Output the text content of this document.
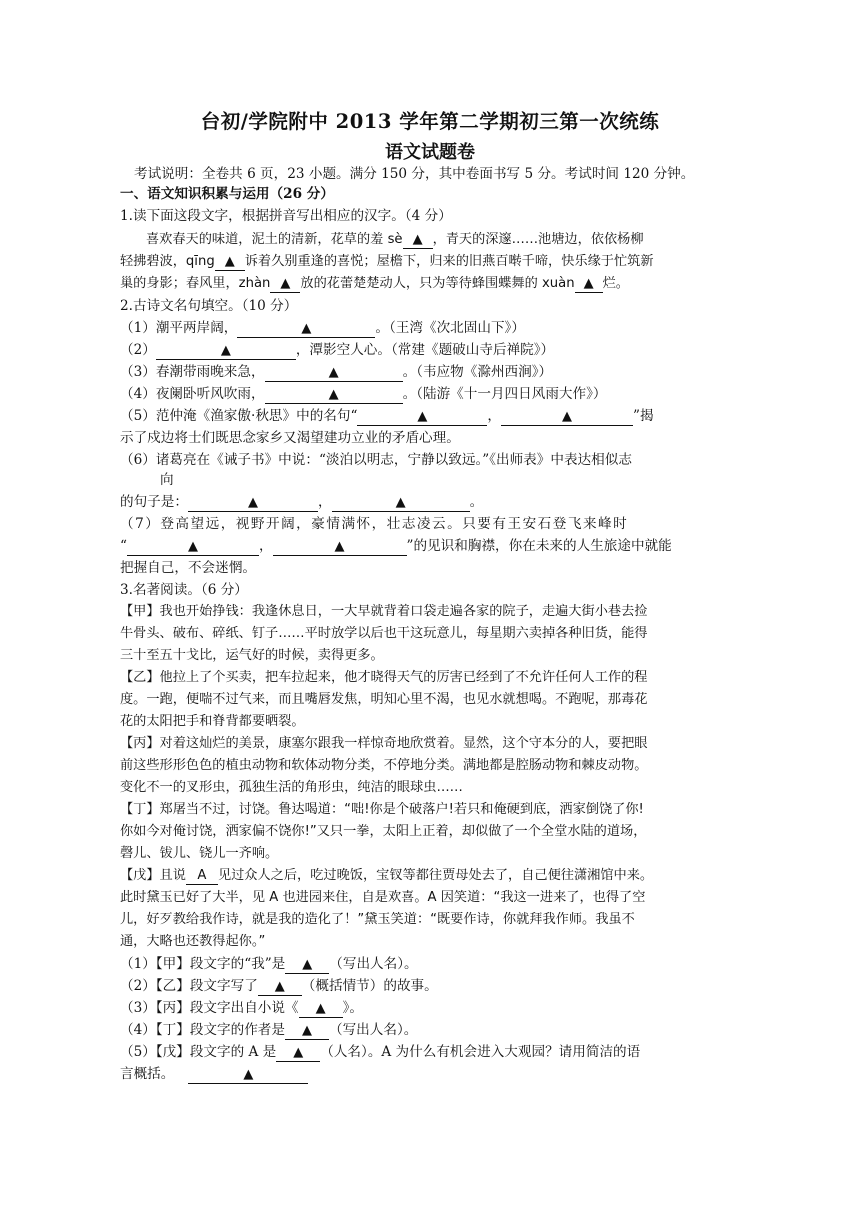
台初/学院附中 2013 学年第二学期初三第一次统练
语文试题卷
考试说明：全卷共 6 页，23 小题。满分 150 分，其中卷面书写 5 分。考试时间 120 分钟。
一、语文知识积累与运用（26 分）
1.读下面这段文字，根据拼音写出相应的汉字。（4 分）
喜欢春天的味道，泥土的清新，花草的羞 sè ▲ ，青天的深邃……池塘边，依依杨柳
轻拂碧波，qīng ▲ 诉着久别重逢的喜悦；屋檐下，归来的旧燕百啭千啼，快乐缘于忙筑新
巢的身影；春风里，zhàn ▲ 放的花蕾楚楚动人，只为等待蜂围蝶舞的 xuàn ▲ 烂。
2.古诗文名句填空。（10 分）
（1）潮平两岸阔，	▲	。（王湾《次北固山下》）
（2）	▲	，潭影空人心。（常建《题破山寺后禅院》）
（3）春潮带雨晚来急，	▲	。（韦应物《滁州西涧》）
（4）夜阑卧听风吹雨，	▲	。（陆游《十一月四日风雨大作》）
（5）范仲淹《渔家傲·秋思》中的名句“	▲	，	▲	”揭
示了戍边将士们既思念家乡又渴望建功立业的矛盾心理。
（6）诸葛亮在《诫子书》中说：“淡泊以明志，宁静以致远。”《出师表》中表达相似志
向
的句子是：	▲	，	▲	。
（7）登高望远，视野开阔，豪情满怀，壮志凌云。只要有王安石登飞来峰时
“	▲	，	▲	”的见识和胸襟，你在未来的人生旅途中就能
把握自己，不会迷惘。
3.名著阅读。（6 分）
【甲】我也开始挣钱：我逢休息日，一大早就背着口袋走遍各家的院子，走遍大街小巷去捡
牛骨头、破布、碎纸、钉子……平时放学以后也干这玩意儿，每星期六卖掉各种旧货，能得
三十至五十戈比，运气好的时候，卖得更多。
【乙】他拉上了个买卖，把车拉起来，他才晓得天气的厉害已经到了不允许任何人工作的程
度。一跑，便喘不过气来，而且嘴唇发焦，明知心里不渴，也见水就想喝。不跑呢，那毒花
花的太阳把手和脊背都要晒裂。
【丙】对着这灿烂的美景，康塞尔跟我一样惊奇地欣赏着。显然，这个守本分的人，要把眼
前这些形形色色的植虫动物和软体动物分类，不停地分类。满地都是腔肠动物和棘皮动物。
变化不一的叉形虫，孤独生活的角形虫，纯洁的眼球虫……
【丁】郑屠当不过，讨饶。鲁达喝道：“咄!你是个破落户!若只和俺硬到底，洒家倒饶了你!
你如今对俺讨饶，洒家偏不饶你!”又只一拳，太阳上正着，却似做了一个全堂水陆的道场，
磬儿、钹儿、铙儿一齐响。
【戊】且说 A 见过众人之后，吃过晚饭，宝钗等都往贾母处去了，自己便往潇湘馆中来。
此时黛玉已好了大半，见 A 也进园来住，自是欢喜。A 因笑道：“我这一进来了，也得了空
儿，好歹教给我作诗，就是我的造化了！”黛玉笑道：“既要作诗，你就拜我作师。我虽不
通，大略也还教得起你。”
（1）【甲】段文字的“我”是 ▲ （写出人名）。
（2）【乙】段文字写了 ▲ （概括情节）的故事。
（3）【丙】段文字出自小说《 ▲ 》。
（4）【丁】段文字的作者是 ▲ （写出人名）。
（5）【戊】段文字的 A 是 ▲ （人名）。A 为什么有机会进入大观园？请用简洁的语
言概括。	▲
